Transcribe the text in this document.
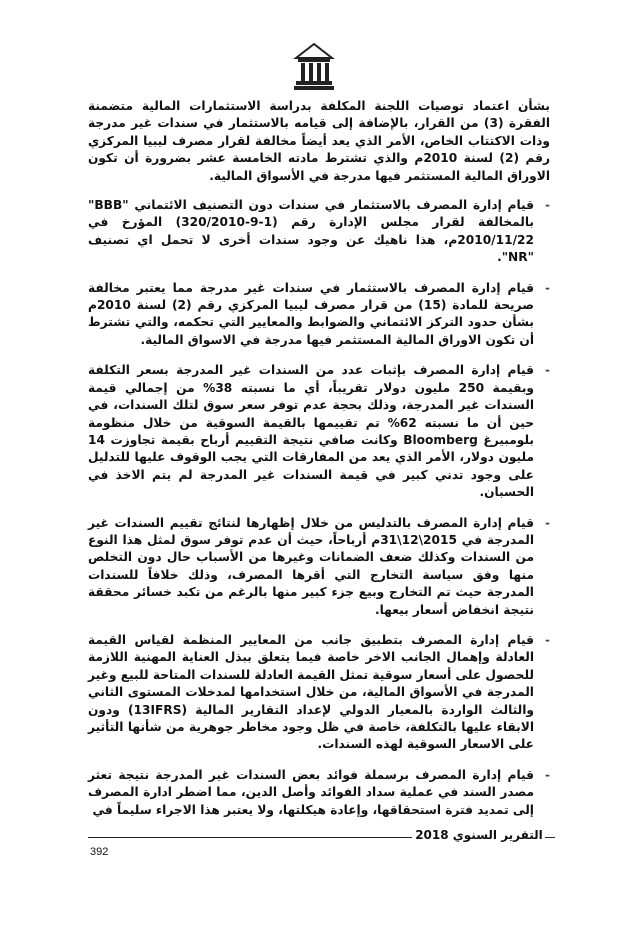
بشأن اعتماد توصيات اللجنة المكلفة بدراسة الاستثمارات المالية متضمنة الفقرة (3) من القرار، بالإضافة إلى قيامه بالاستثمار في سندات غير مدرجة وذات الاكتتاب الخاص، الأمر الذي يعد أيضاً مخالفة لقرار مصرف ليبيا المركزي رقم (2) لسنة 2010م والذي تشترط مادته الخامسة عشر بضرورة أن تكون الاوراق المالية المستثمر فيها مدرجة في الأسواق المالية.

-
قيام إدارة المصرف بالاستثمار في سندات دون التصنيف الائتماني "BBB" بالمخالفة لقرار مجلس الإدارة رقم (1-9-320/2010) المؤرخ في 2010/11/22م، هذا ناهيك عن وجود سندات أخرى لا تحمل اي تصنيف "NR".
-
قيام إدارة المصرف بالاستثمار في سندات غير مدرجة مما يعتبر مخالفة صريحة للمادة (15) من قرار مصرف ليبيا المركزي رقم (2) لسنة 2010م بشأن حدود التركز الائتماني والضوابط والمعايير التي تحكمه، والتي تشترط أن تكون الاوراق المالية المستثمر فيها مدرجة في الاسواق المالية.
-
قيام إدارة المصرف بإثبات عدد من السندات غير المدرجة بسعر التكلفة وبقيمة 250 مليون دولار تقريباً، أي ما نسبته 38% من إجمالي قيمة السندات غير المدرجة، وذلك بحجة عدم توفر سعر سوق لتلك السندات، في حين أن ما نسبته 62% تم تقييمها بالقيمة السوقية من خلال منظومة بلومبيرغ Bloomberg وكانت صافي نتيجة التقييم أرباح بقيمة تجاوزت 14 مليون دولار، الأمر الذي يعد من المفارقات التي يجب الوقوف عليها للتدليل على وجود تدني كبير في قيمة السندات غير المدرجة لم يتم الاخذ في الحسبان.
-
قيام إدارة المصرف بالتدليس من خلال إظهارها لنتائج تقييم السندات غير المدرجة في 2015\12\31م أرباحاً، حيث أن عدم توفر سوق لمثل هذا النوع من السندات وكذلك ضعف الضمانات وغيرها من الأسباب حال دون التخلص منها وفق سياسة التخارج التي أقرها المصرف، وذلك خلافاً للسندات المدرجة حيث تم التخارج وبيع جزء كبير منها بالرغم من تكبد خسائر محققة نتيجة انخفاض أسعار بيعها.
-
قيام إدارة المصرف بتطبيق جانب من المعايير المنظمة لقياس القيمة العادلة وإهمال الجانب الاخر خاصة فيما يتعلق ببذل العناية المهنية اللازمة للحصول على أسعار سوقية تمثل القيمة العادلة للسندات المتاحة للبيع وغير المدرجة في الأسواق المالية، من خلال استخدامها لمدخلات المستوى الثاني والثالث الواردة بالمعيار الدولي لإعداد التقارير المالية (13IFRS) ودون الابقاء عليها بالتكلفة، خاصة في ظل وجود مخاطر جوهرية من شأنها التأثير على الاسعار السوقية لهذه السندات.
-
قيام إدارة المصرف برسملة فوائد بعض السندات غير المدرجة نتيجة تعثر مصدر السند في عملية سداد الفوائد وأصل الدين، مما اضطر ادارة المصرف إلى تمديد فترة استحقاقها، وإعادة هيكلتها، ولا يعتبر هذا الاجراء سليماً في
التقرير السنوي 2018
392
